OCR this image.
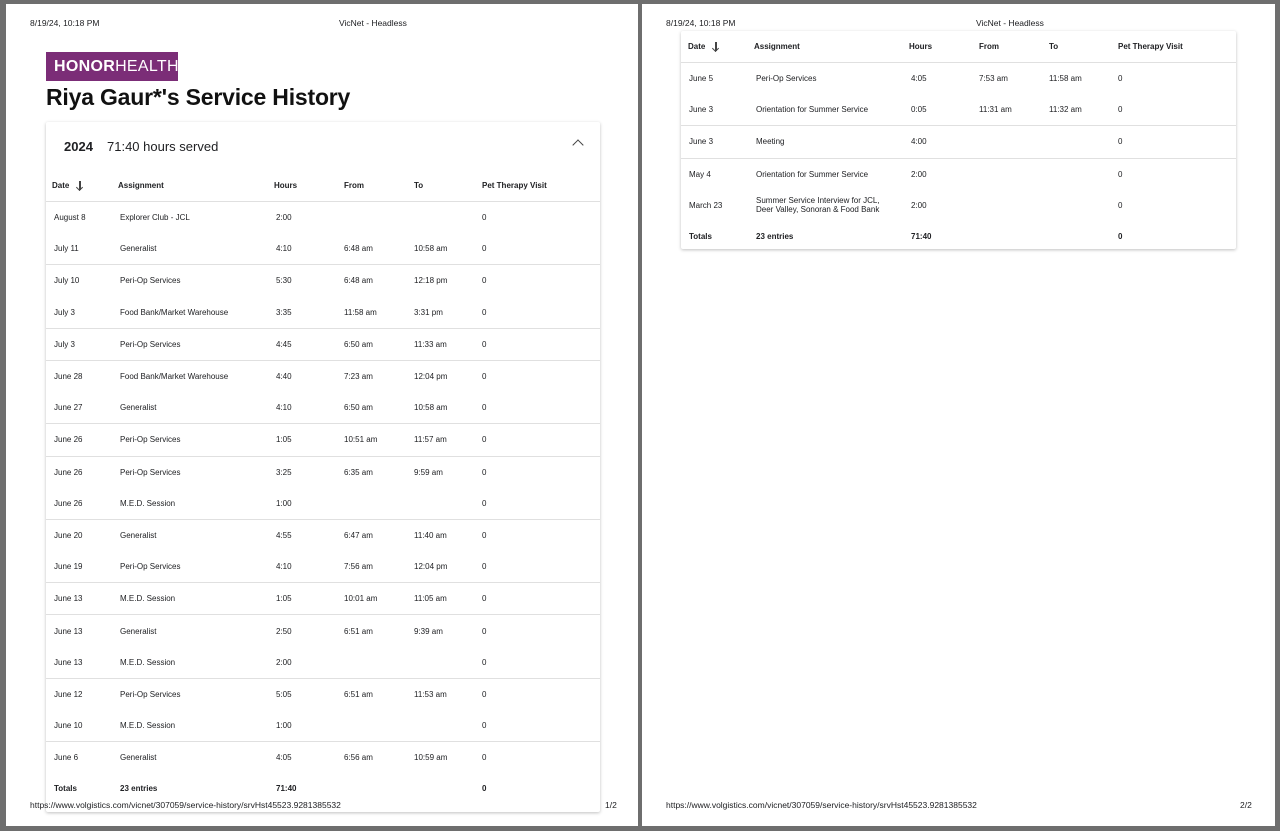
8/19/24, 10:18 PM	VicNet - Headless
HONORHEALTH™
Riya Gaur*'s Service History
2024 71:40 hours served
Date	Assignment	Hours	From	To	Pet Therapy Visit
August 8	Explorer Club - JCL	2:00			0
July 11	Generalist	4:10	6:48 am	10:58 am	0
July 10	Peri-Op Services	5:30	6:48 am	12:18 pm	0
July 3	Food Bank/Market Warehouse	3:35	11:58 am	3:31 pm	0
July 3	Peri-Op Services	4:45	6:50 am	11:33 am	0
June 28	Food Bank/Market Warehouse	4:40	7:23 am	12:04 pm	0
June 27	Generalist	4:10	6:50 am	10:58 am	0
June 26	Peri-Op Services	1:05	10:51 am	11:57 am	0
June 26	Peri-Op Services	3:25	6:35 am	9:59 am	0
June 26	M.E.D. Session	1:00			0
June 20	Generalist	4:55	6:47 am	11:40 am	0
June 19	Peri-Op Services	4:10	7:56 am	12:04 pm	0
June 13	M.E.D. Session	1:05	10:01 am	11:05 am	0
June 13	Generalist	2:50	6:51 am	9:39 am	0
June 13	M.E.D. Session	2:00			0
June 12	Peri-Op Services	5:05	6:51 am	11:53 am	0
June 10	M.E.D. Session	1:00			0
June 6	Generalist	4:05	6:56 am	10:59 am	0
Totals	23 entries	71:40			0
https://www.volgistics.com/vicnet/307059/service-history/srvHst45523.9281385532	1/2
8/19/24, 10:18 PM	VicNet - Headless
Date	Assignment	Hours	From	To	Pet Therapy Visit
June 5	Peri-Op Services	4:05	7:53 am	11:58 am	0
June 3	Orientation for Summer Service	0:05	11:31 am	11:32 am	0
June 3	Meeting	4:00			0
May 4	Orientation for Summer Service	2:00			0
March 23	Summer Service Interview for JCL, Deer Valley, Sonoran & Food Bank	2:00			0
Totals	23 entries	71:40			0
https://www.volgistics.com/vicnet/307059/service-history/srvHst45523.9281385532	2/2
